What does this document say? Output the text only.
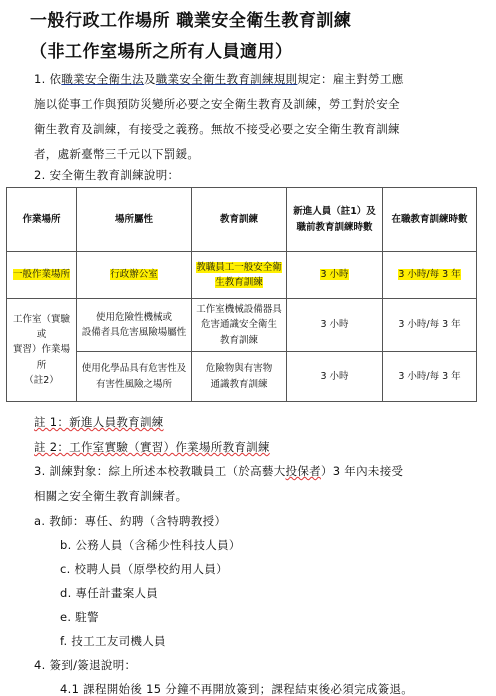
一般行政工作場所 職業安全衛生教育訓練
（非工作室場所之所有人員適用）
1. 依職業安全衛生法及職業安全衛生教育訓練規則規定：雇主對勞工應
施以從事工作與預防災變所必要之安全衛生教育及訓練，勞工對於安全
衛生教育及訓練，有接受之義務。無故不接受必要之安全衛生教育訓練
者，處新臺幣三千元以下罰鍰。
2. 安全衛生教育訓練說明：
作業場所	場所屬性	教育訓練	新進人員（註1）及
職前教育訓練時數	在職教育訓練時數	
一般作業場所	行政辦公室	教職員工一般安全衛
生教育訓練	3 小時	3 小時/每 3 年	
工作室（實驗或
實習）作業場所
（註2）	使用危險性機械或
設備者具危害風險場屬性	工作室機械設備器具
危害通識安全衛生
教育訓練	3 小時	3 小時/每 3 年	
	使用化學品具有危害性及
有害性風險之場所	危險物與有害物
通識教育訓練	3 小時	3 小時/每 3 年	
註 1：新進人員教育訓練
註 2：工作室實驗（實習）作業場所教育訓練
3. 訓練對象：綜上所述本校教職員工（於高藝大投保者）3 年內未接受
相關之安全衛生教育訓練者。
a. 教師：專任、約聘（含特聘教授）
b. 公務人員（含稀少性科技人員）
c. 校聘人員（原學校約用人員）
d. 專任計畫案人員
e. 駐警
f. 技工工友司機人員
4. 簽到/簽退說明：
4.1 課程開始後 15 分鐘不再開放簽到；課程結束後必須完成簽退。
